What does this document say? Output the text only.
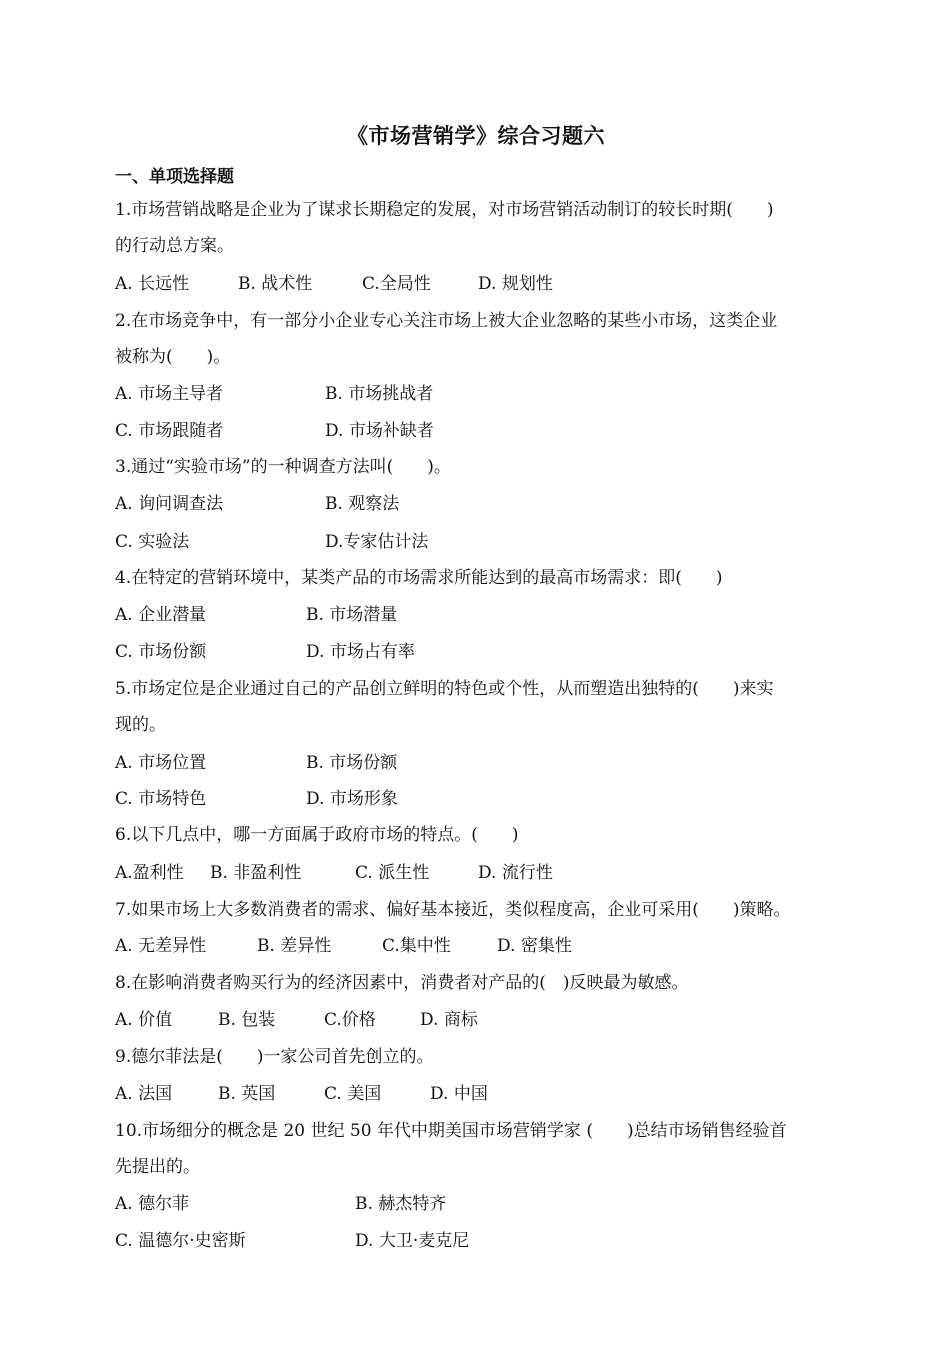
《市场营销学》综合习题六
一、单项选择题
1.市场营销战略是企业为了谋求长期稳定的发展，对市场营销活动制订的较长时期(　　)
的行动总方案。
A. 长远性	B. 战术性	C.全局性	D. 规划性
2.在市场竞争中，有一部分小企业专心关注市场上被大企业忽略的某些小市场，这类企业
被称为(　　)。
A. 市场主导者	B. 市场挑战者
C. 市场跟随者	D. 市场补缺者
3.通过“实验市场”的一种调查方法叫(　　)。
A. 询问调查法	B. 观察法
C. 实验法	D.专家估计法
4.在特定的营销环境中，某类产品的市场需求所能达到的最高市场需求：即(　　)
A. 企业潜量	B. 市场潜量
C. 市场份额	D. 市场占有率
5.市场定位是企业通过自己的产品创立鲜明的特色或个性，从而塑造出独特的(　　)来实
现的。
A. 市场位置	B. 市场份额
C. 市场特色	D. 市场形象
6.以下几点中，哪一方面属于政府市场的特点。(　　)
A.盈利性 B. 非盈利性	C. 派生性	D. 流行性
7.如果市场上大多数消费者的需求、偏好基本接近，类似程度高，企业可采用(　　)策略。
A. 无差异性	B. 差异性	C.集中性	D. 密集性
8.在影响消费者购买行为的经济因素中，消费者对产品的(　)反映最为敏感。
A. 价值	B. 包装	C.价格	D. 商标
9.德尔菲法是(　　)一家公司首先创立的。
A. 法国	B. 英国	C. 美国	D. 中国
10.市场细分的概念是 20 世纪 50 年代中期美国市场营销学家 (　　)总结市场销售经验首
先提出的。
A. 德尔菲	B. 赫杰特齐
C. 温德尔·史密斯	D. 大卫·麦克尼
